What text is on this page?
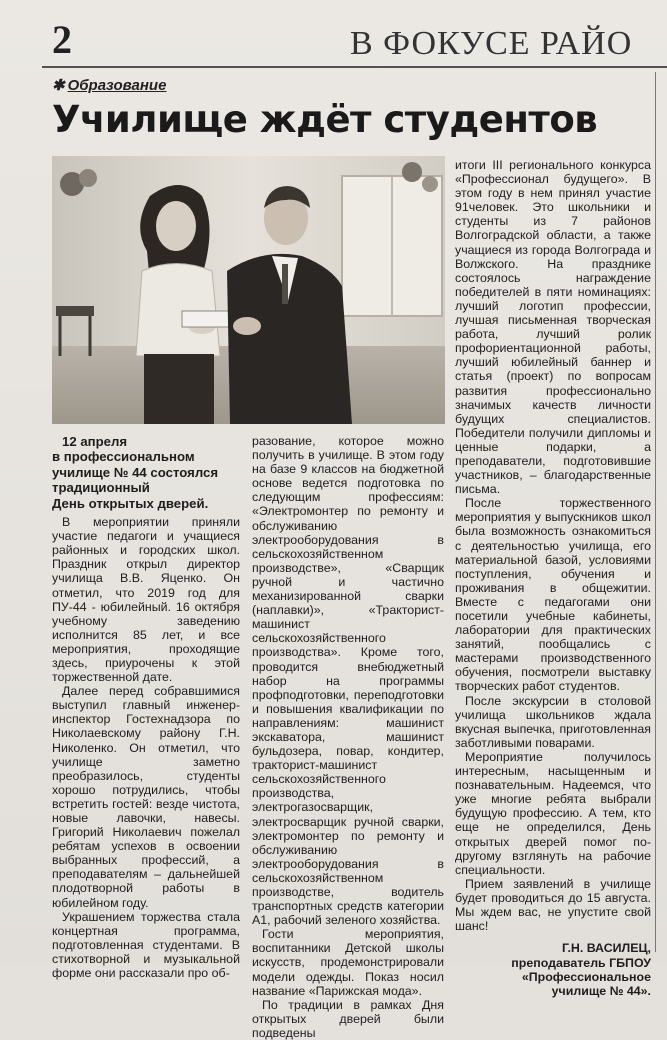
2	В ФОКУСЕ РАЙО
✱ Образование
Училище ждёт студентов
12 апреля
в профессиональном
училище № 44 состоялся
традиционный
День открытых дверей.

В мероприятии приняли участие педагоги и учащиеся районных и городских школ. Праздник открыл директор училища В.В. Яценко. Он отметил, что 2019 год для ПУ-44 - юбилейный. 16 октября учебному заведению исполнится 85 лет, и все мероприятия, проходящие здесь, приурочены к этой торжественной дате.

Далее перед собравшимися выступил главный инженер-инспектор Гостехнадзора по Николаевскому району Г.Н. Николенко. Он отметил, что училище заметно преобразилось, студенты хорошо потрудились, чтобы встретить гостей: везде чистота, новые лавочки, навесы. Григорий Николаевич пожелал ребятам успехов в освоении выбранных профессий, а преподавателям – дальнейшей плодотворной работы в юбилейном году.

Украшением торжества стала концертная программа, подготовленная студентами. В стихотворной и музыкальной форме они рассказали про об-

разование, которое можно получить в училище. В этом году на базе 9 классов на бюджетной основе ведется подготовка по следующим профессиям: «Электромонтер по ремонту и обслуживанию электрооборудования в сельскохозяйственном производстве», «Сварщик ручной и частично механизированной сварки (наплавки)», «Тракторист-машинист сельскохозяйственного производства». Кроме того, проводится внебюджетный набор на программы профподготовки, переподготовки и повышения квалификации по направлениям: машинист экскаватора, машинист бульдозера, повар, кондитер, тракторист-машинист сельскохозяйственного производства, электрогазосварщик, электросварщик ручной сварки, электромонтер по ремонту и обслуживанию электрооборудования в сельскохозяйственном производстве, водитель транспортных средств категории А1, рабочий зеленого хозяйства.

Гости мероприятия, воспитанники Детской школы искусств, продемонстрировали модели одежды. Показ носил название «Парижская мода».

По традиции в рамках Дня открытых дверей были подведены

итоги III регионального конкурса «Профессионал будущего». В этом году в нем принял участие 91человек. Это школьники и студенты из 7 районов Волгоградской области, а также учащиеся из города Волгограда и Волжского. На празднике состоялось награждение победителей в пяти номинациях: лучший логотип профессии, лучшая письменная творческая работа, лучший ролик профориентационной работы, лучший юбилейный баннер и статья (проект) по вопросам развития профессионально значимых качеств личности будущих специалистов. Победители получили дипломы и ценные подарки, а преподаватели, подготовившие участников, – благодарственные письма.

После торжественного мероприятия у выпускников школ была возможность ознакомиться с деятельностью училища, его материальной базой, условиями поступления, обучения и проживания в общежитии. Вместе с педагогами они посетили учебные кабинеты, лаборатории для практических занятий, пообщались с мастерами производственного обучения, посмотрели выставку творческих работ студентов.

После экскурсии в столовой училища школьников ждала вкусная выпечка, приготовленная заботливыми поварами.

Мероприятие получилось интересным, насыщенным и познавательным. Надеемся, что уже многие ребята выбрали будущую профессию. А тем, кто еще не определился, День открытых дверей помог по-другому взглянуть на рабочие специальности.

Прием заявлений в училище будет проводиться до 15 августа. Мы ждем вас, не упустите свой шанс!

Г.Н. ВАСИЛЕЦ,
преподаватель ГБПОУ
«Профессиональное
училище № 44».
